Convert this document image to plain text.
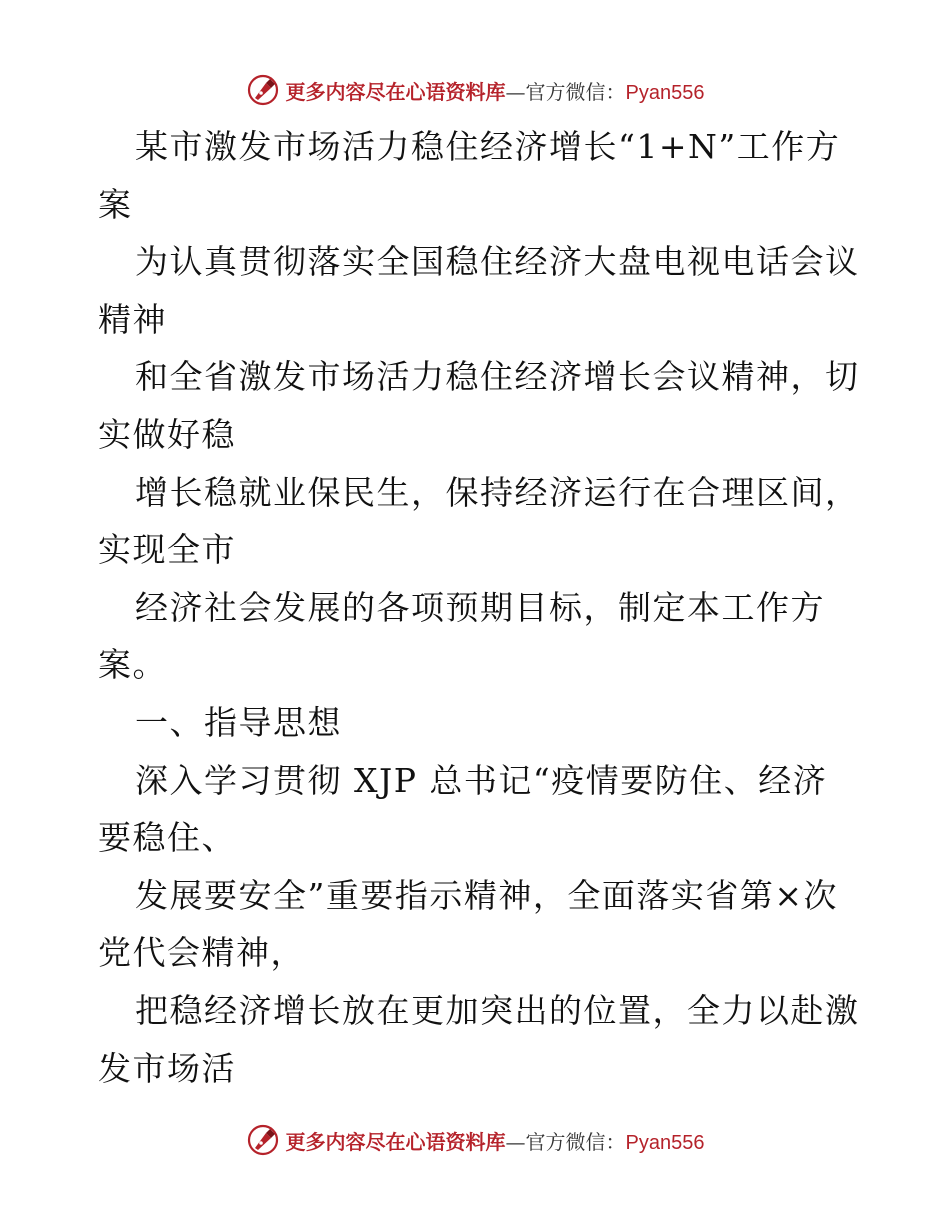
更多内容尽在心语资料库—官方微信：Pyan556
某市激发市场活力稳住经济增长“1+N”工作方
案
为认真贯彻落实全国稳住经济大盘电视电话会议
精神
和全省激发市场活力稳住经济增长会议精神，切
实做好稳
增长稳就业保民生，保持经济运行在合理区间，
实现全市
经济社会发展的各项预期目标，制定本工作方
案。
一、指导思想
深入学习贯彻 XJP 总书记“疫情要防住、经济
要稳住、
发展要安全”重要指示精神，全面落实省第×次
党代会精神，
把稳经济增长放在更加突出的位置，全力以赴激
发市场活
更多内容尽在心语资料库—官方微信：Pyan556
